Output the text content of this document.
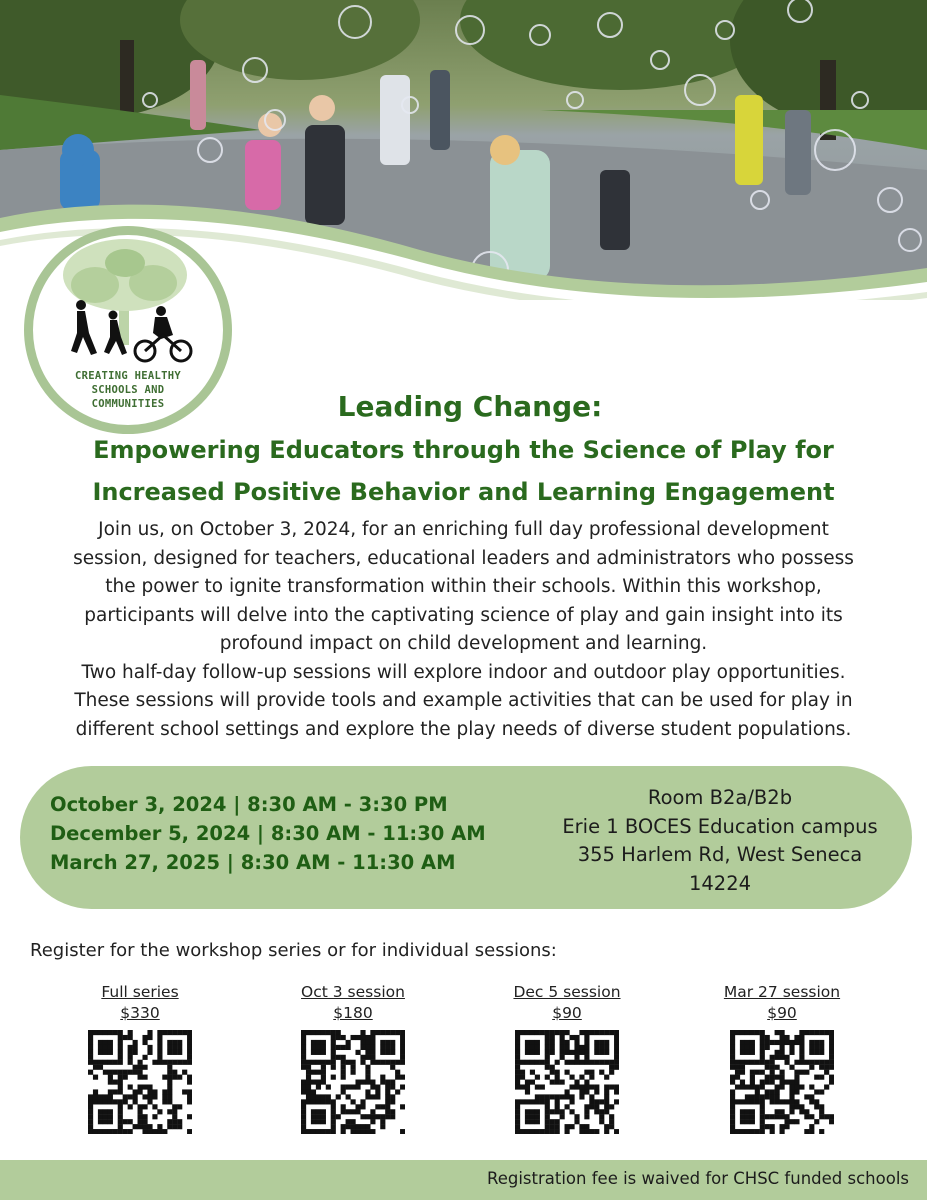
CREATING HEALTHY
SCHOOLS AND
COMMUNITIES	Leading Change:
Empowering Educators through the Science of Play for
Increased Positive Behavior and Learning Engagement

Join us, on October 3, 2024, for an enriching full day professional development

session, designed for teachers, educational leaders and administrators who possess

the power to ignite transformation within their schools. Within this workshop,

participants will delve into the captivating science of play and gain insight into its

profound impact on child development and learning.

Two half-day follow-up sessions will explore indoor and outdoor play opportunities.

These sessions will provide tools and example activities that can be used for play in

different school settings and explore the play needs of diverse student populations.

October 3, 2024 | 8:30 AM - 3:30 PM
December 5, 2024 | 8:30 AM - 11:30 AM
March 27, 2025 | 8:30 AM - 11:30 AM
Room B2a/B2b
Erie 1 BOCES Education campus
355 Harlem Rd, West Seneca
14224

Register for the workshop series or for individual sessions:

Full series
$330
Oct 3 session
$180
Dec 5 session
$90
Mar 27 session
$90
Registration fee is waived for CHSC funded schools
